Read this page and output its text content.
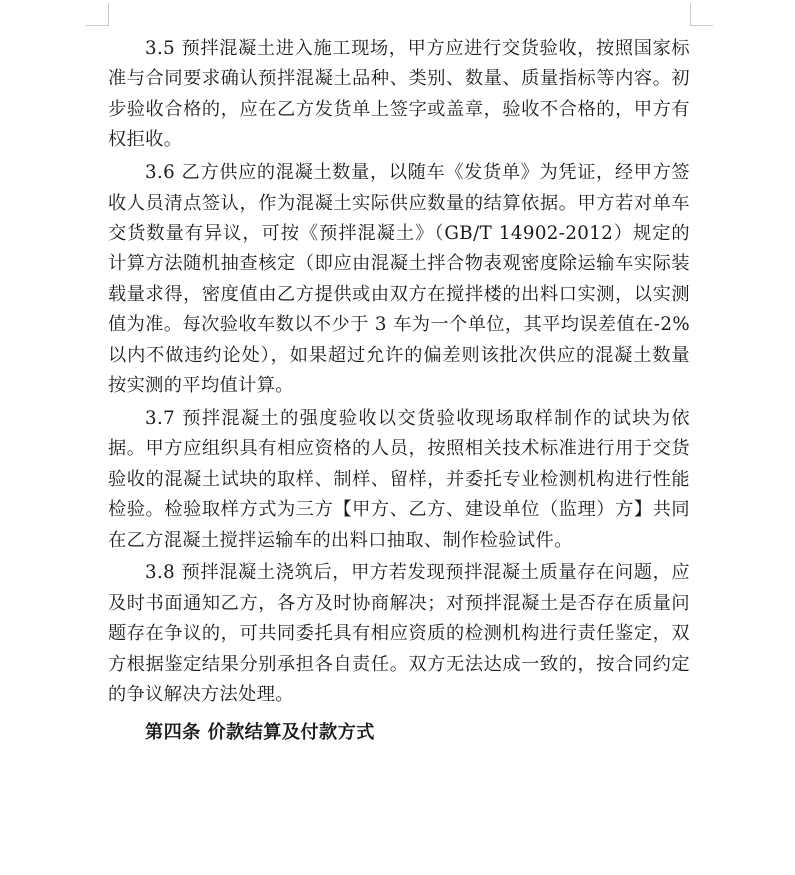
3.5 预拌混凝土进入施工现场，甲方应进行交货验收，按照国家标准与合同要求确认预拌混凝土品种、类别、数量、质量指标等内容。初步验收合格的，应在乙方发货单上签字或盖章，验收不合格的，甲方有权拒收。

3.6 乙方供应的混凝土数量，以随车《发货单》为凭证，经甲方签收人员清点签认，作为混凝土实际供应数量的结算依据。甲方若对单车交货数量有异议，可按《预拌混凝土》（GB/T 14902-2012）规定的计算方法随机抽查核定（即应由混凝土拌合物表观密度除运输车实际装载量求得，密度值由乙方提供或由双方在搅拌楼的出料口实测，以实测值为准。每次验收车数以不少于 3 车为一个单位，其平均误差值在-2%以内不做违约论处），如果超过允许的偏差则该批次供应的混凝土数量按实测的平均值计算。

3.7 预拌混凝土的强度验收以交货验收现场取样制作的试块为依据。甲方应组织具有相应资格的人员，按照相关技术标准进行用于交货验收的混凝土试块的取样、制样、留样，并委托专业检测机构进行性能检验。检验取样方式为三方【甲方、乙方、建设单位（监理）方】共同在乙方混凝土搅拌运输车的出料口抽取、制作检验试件。

3.8 预拌混凝土浇筑后，甲方若发现预拌混凝土质量存在问题，应及时书面通知乙方，各方及时协商解决；对预拌混凝土是否存在质量问题存在争议的，可共同委托具有相应资质的检测机构进行责任鉴定，双方根据鉴定结果分别承担各自责任。双方无法达成一致的，按合同约定的争议解决方法处理。

第四条 价款结算及付款方式
